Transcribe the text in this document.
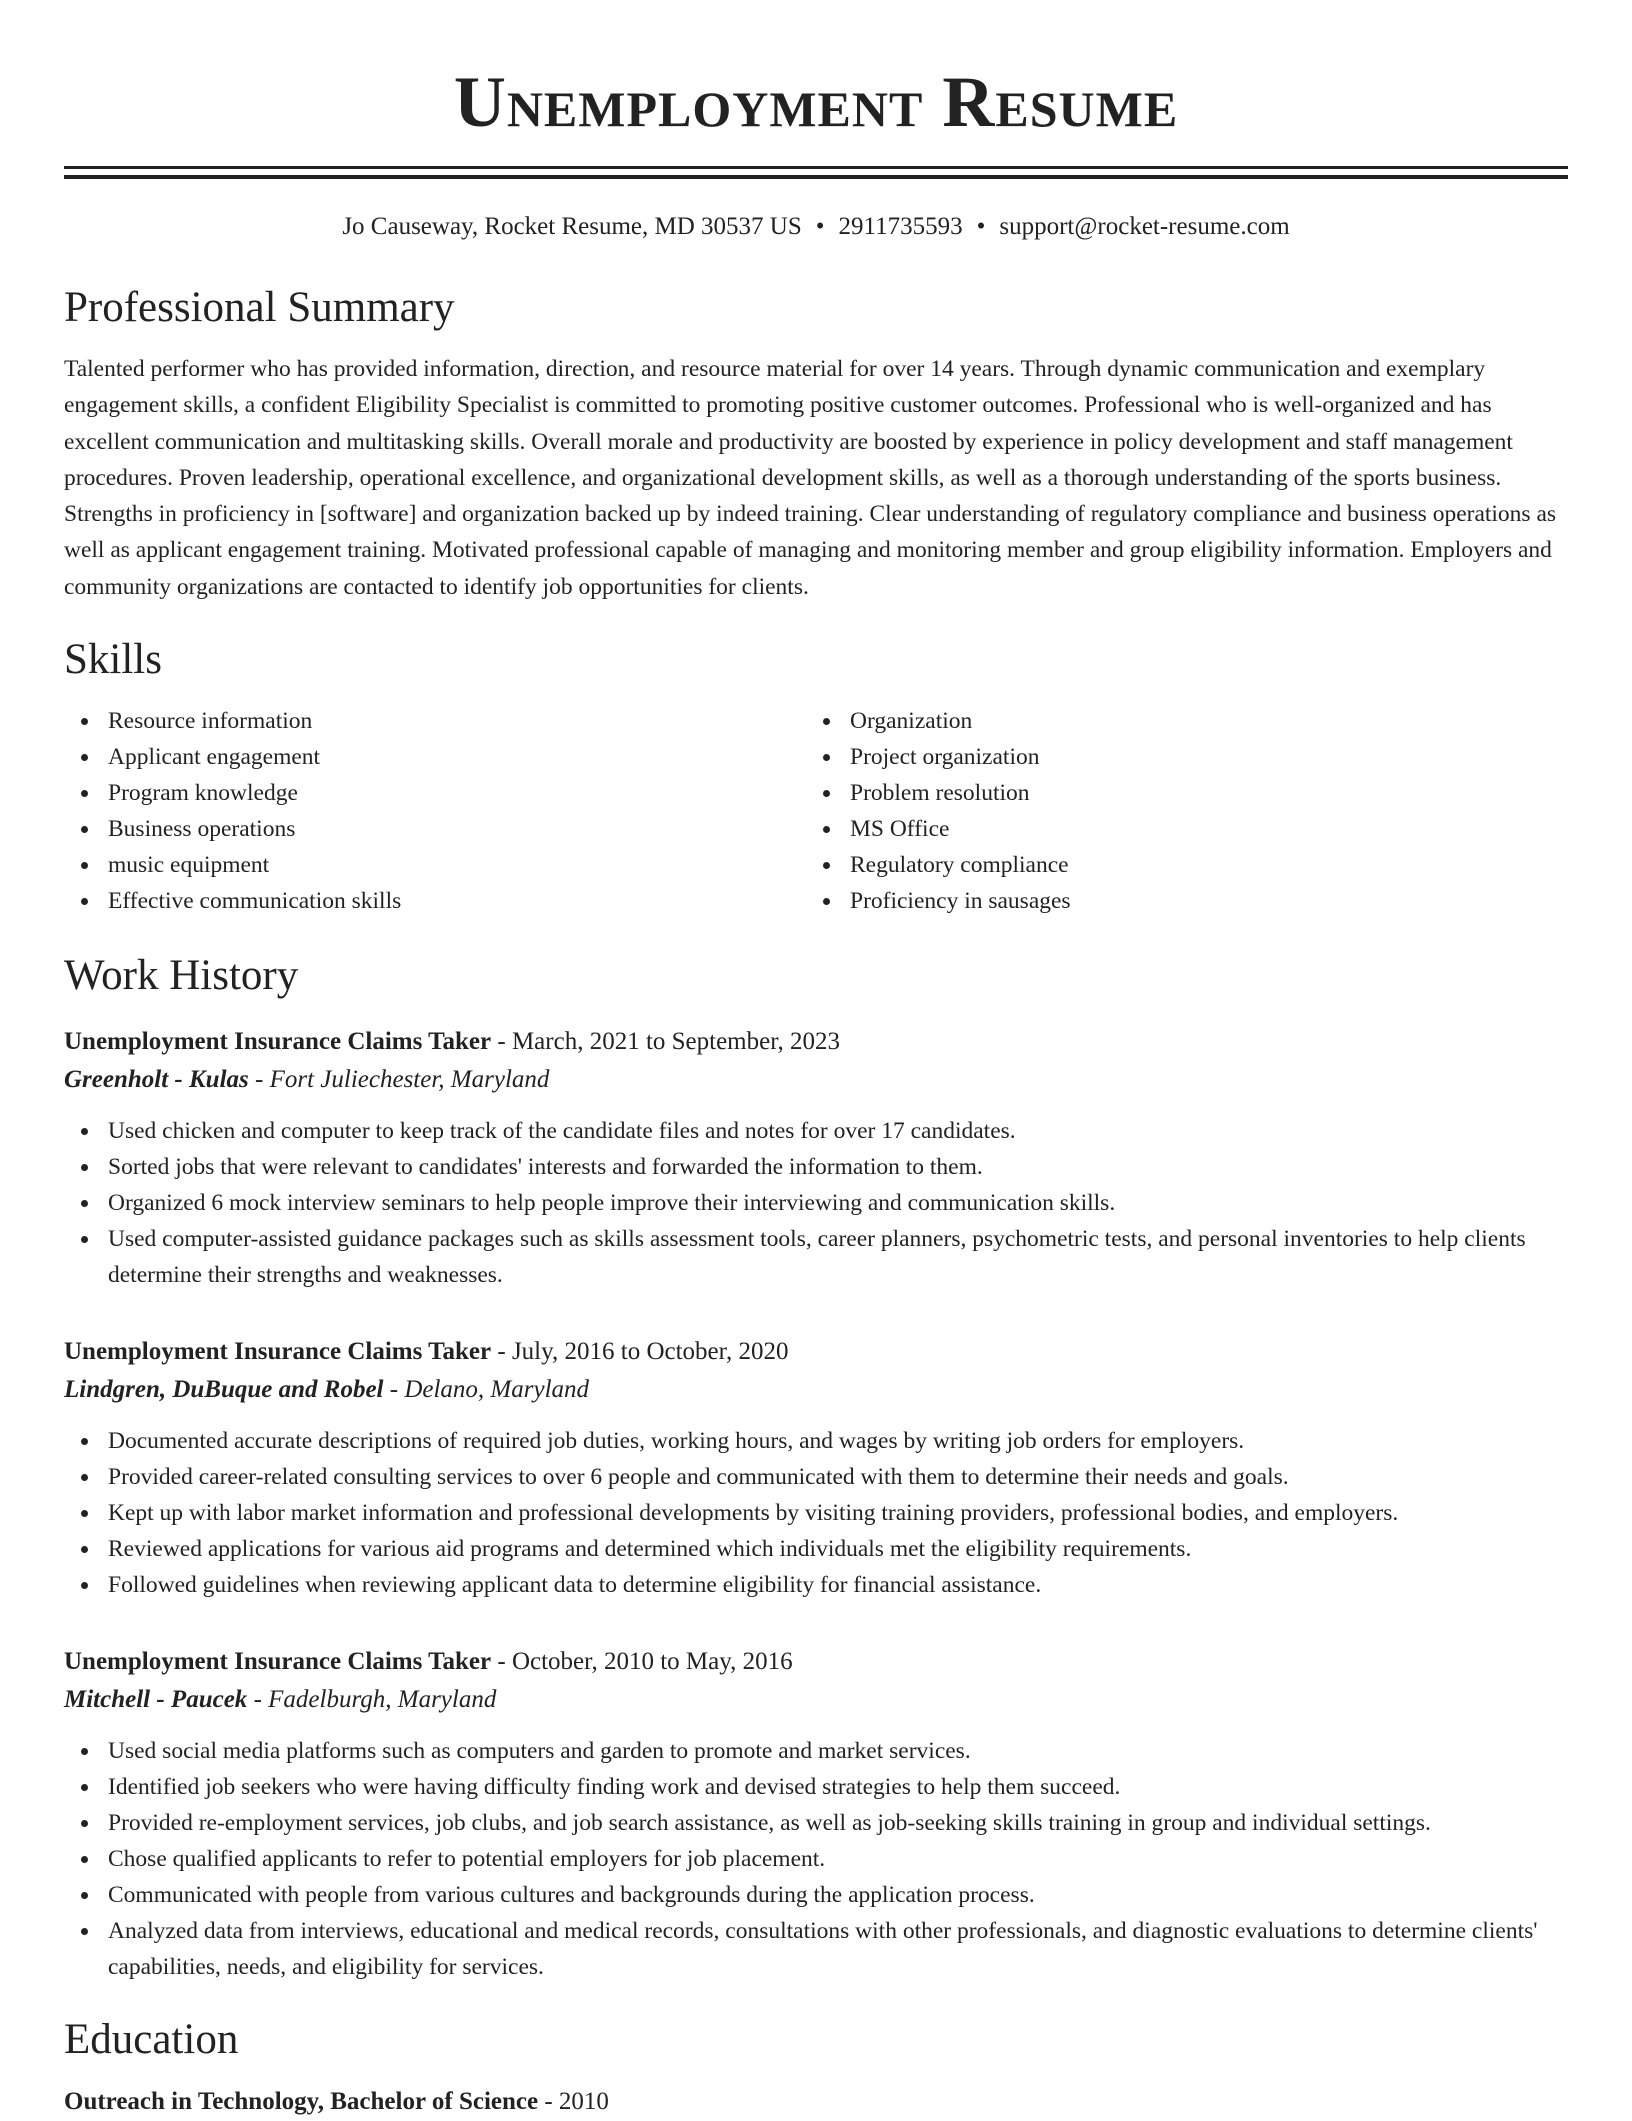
Unemployment Resume
Jo Causeway, Rocket Resume, MD 30537 US • 2911735593 • support@rocket-resume.com
Professional Summary
Talented performer who has provided information, direction, and resource material for over 14 years. Through dynamic communication and exemplary engagement skills, a confident Eligibility Specialist is committed to promoting positive customer outcomes. Professional who is well-organized and has excellent communication and multitasking skills. Overall morale and productivity are boosted by experience in policy development and staff management procedures. Proven leadership, operational excellence, and organizational development skills, as well as a thorough understanding of the sports business. Strengths in proficiency in [software] and organization backed up by indeed training. Clear understanding of regulatory compliance and business operations as well as applicant engagement training. Motivated professional capable of managing and monitoring member and group eligibility information. Employers and community organizations are contacted to identify job opportunities for clients.
Skills
Resource information
Applicant engagement
Program knowledge
Business operations
music equipment
Effective communication skills
Organization
Project organization
Problem resolution
MS Office
Regulatory compliance
Proficiency in sausages
Work History
Unemployment Insurance Claims Taker - March, 2021 to September, 2023
Greenholt - Kulas - Fort Juliechester, Maryland
Used chicken and computer to keep track of the candidate files and notes for over 17 candidates.
Sorted jobs that were relevant to candidates' interests and forwarded the information to them.
Organized 6 mock interview seminars to help people improve their interviewing and communication skills.
Used computer-assisted guidance packages such as skills assessment tools, career planners, psychometric tests, and personal inventories to help clients determine their strengths and weaknesses.
Unemployment Insurance Claims Taker - July, 2016 to October, 2020
Lindgren, DuBuque and Robel - Delano, Maryland
Documented accurate descriptions of required job duties, working hours, and wages by writing job orders for employers.
Provided career-related consulting services to over 6 people and communicated with them to determine their needs and goals.
Kept up with labor market information and professional developments by visiting training providers, professional bodies, and employers.
Reviewed applications for various aid programs and determined which individuals met the eligibility requirements.
Followed guidelines when reviewing applicant data to determine eligibility for financial assistance.
Unemployment Insurance Claims Taker - October, 2010 to May, 2016
Mitchell - Paucek - Fadelburgh, Maryland
Used social media platforms such as computers and garden to promote and market services.
Identified job seekers who were having difficulty finding work and devised strategies to help them succeed.
Provided re-employment services, job clubs, and job search assistance, as well as job-seeking skills training in group and individual settings.
Chose qualified applicants to refer to potential employers for job placement.
Communicated with people from various cultures and backgrounds during the application process.
Analyzed data from interviews, educational and medical records, consultations with other professionals, and diagnostic evaluations to determine clients' capabilities, needs, and eligibility for services.
Education
Outreach in Technology, Bachelor of Science - 2010
